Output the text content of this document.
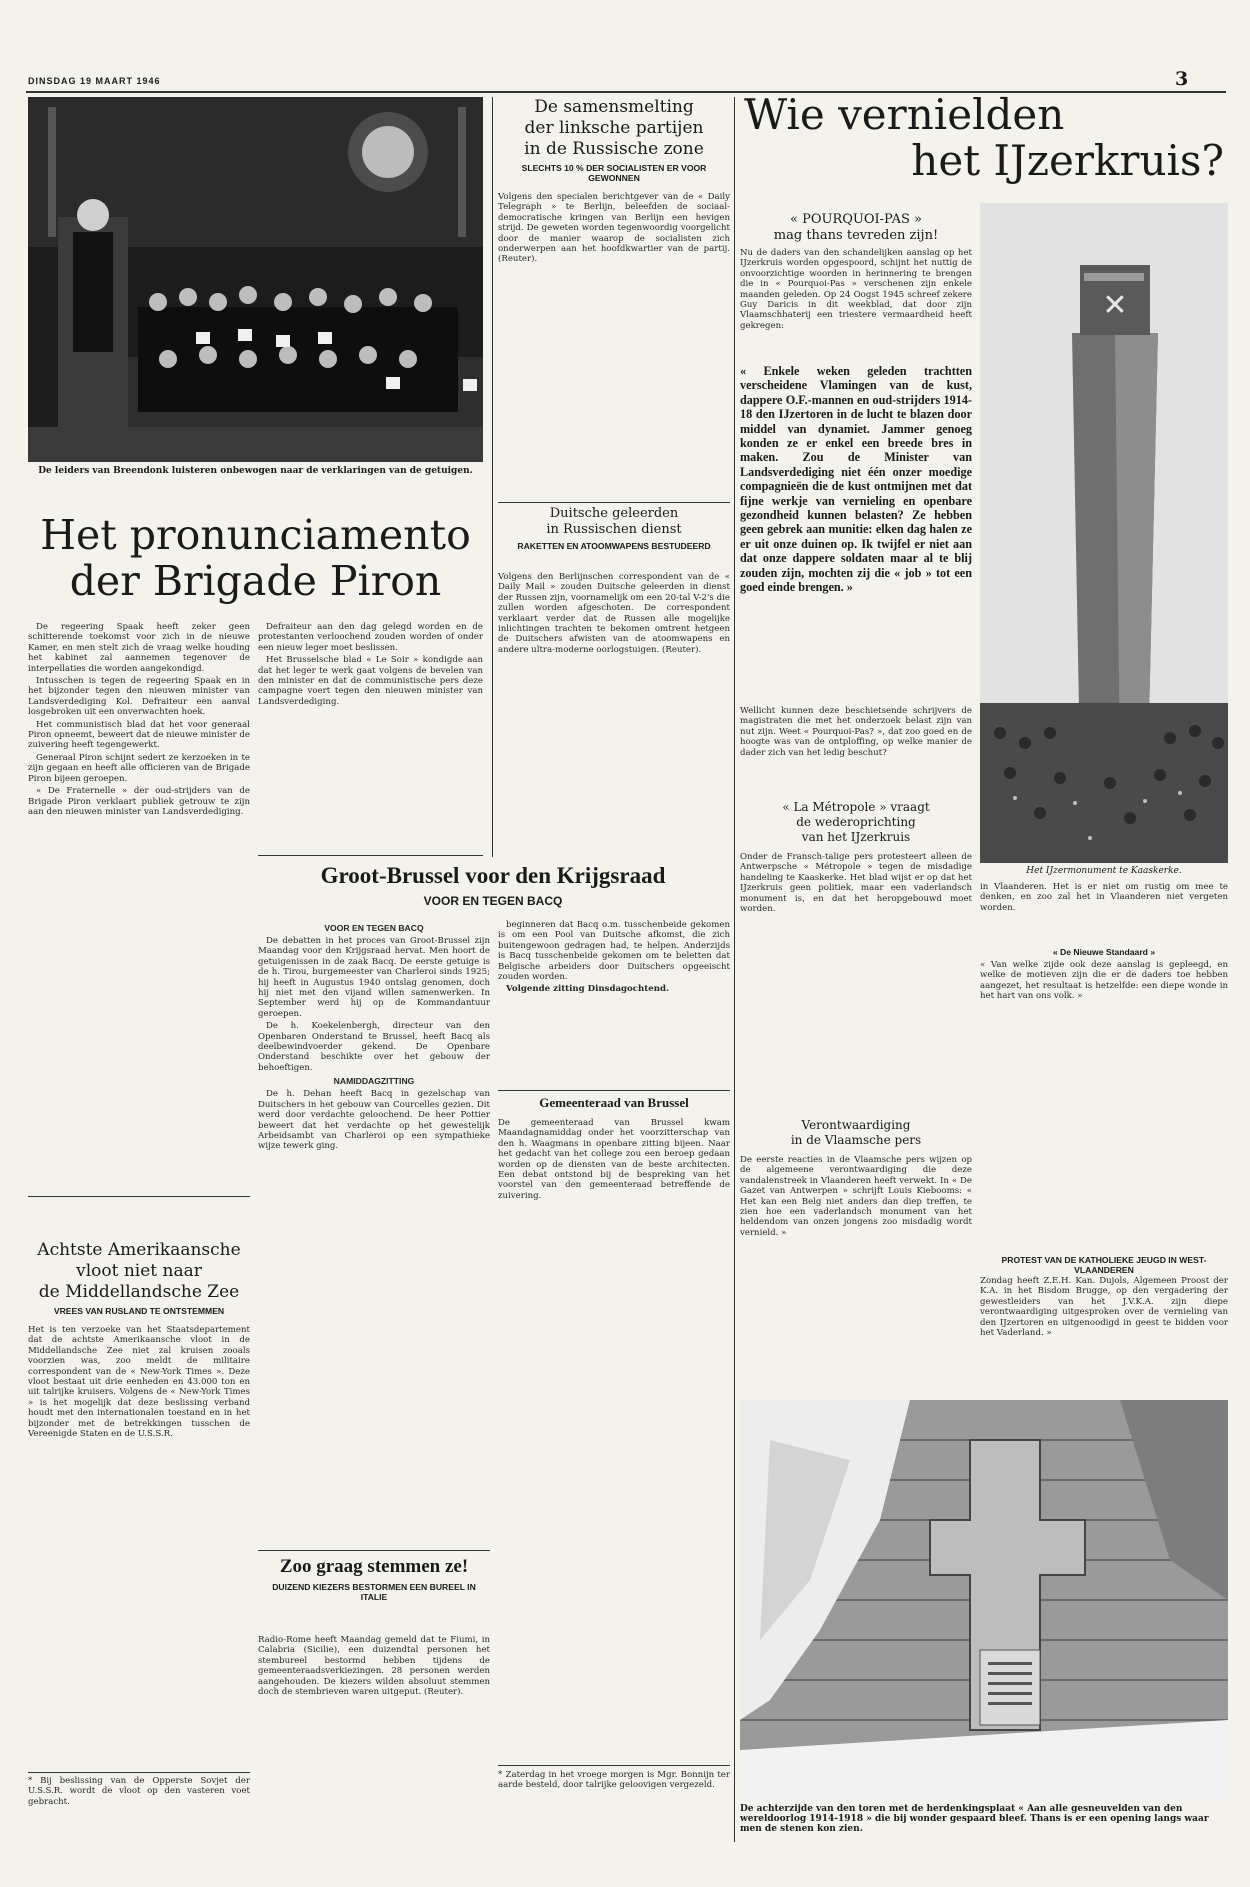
DINSDAG 19 MAART 1946	3
De leiders van Breendonk luisteren onbewogen naar de verklaringen van de getuigen.
Het pronunciamento
der Brigade Piron

De regeering Spaak heeft zeker geen schitterende toekomst voor zich in de nieuwe Kamer, en men stelt zich de vraag welke houding het kabinet zal aannemen tegenover de interpellaties die worden aangekondigd.

Intusschen is tegen de regeering Spaak en in het bijzonder tegen den nieuwen minister van Landsverdediging Kol. Defraiteur een aanval losgebroken uit een onverwachten hoek.

Het communistisch blad dat het voor generaal Piron opneemt, beweert dat de nieuwe minister de zuivering heeft tegengewerkt.

Generaal Piron schijnt sedert ze kerzoeken in te zijn gegaan en heeft alle officieren van de Brigade Piron bijeen geroepen.

« De Fraternelle » der oud-strijders van de Brigade Piron verklaart publiek getrouw te zijn aan den nieuwen minister van Landsverdediging.

Defraiteur aan den dag gelegd worden en de protestanten verloochend zouden worden of onder een nieuw leger moet beslissen.

Het Brusselsche blad « Le Soir » kondigde aan dat het leger te werk gaat volgens de bevelen van den minister en dat de communistische pers deze campagne voert tegen den nieuwen minister van Landsverdediging.

Groot-Brussel voor den Krijgsraad
VOOR EN TEGEN BACQ
VOOR EN TEGEN BACQ

De debatten in het proces van Groot-Brussel zijn Maandag voor den Krijgsraad hervat. Men hoort de getuigenissen in de zaak Bacq. De eerste getuige is de h. Tirou, burgemeester van Charleroi sinds 1925; hij heeft in Augustus 1940 ontslag genomen, doch hij niet met den vijand willen samenwerken. In September werd hij op de Kommandantuur geroepen.

De h. Koekelenbergh, directeur van den Openbaren Onderstand te Brussel, heeft Bacq als deelbewindvoerder gekend. De Openbare Onderstand beschikte over het gebouw der behoeftigen.

NAMIDDAGZITTING

De h. Dehan heeft Bacq in gezelschap van Duitschers in het gebouw van Courcelles gezien. Dit werd door verdachte geloochend. De heer Pottier beweert dat het verdachte op het gewestelijk Arbeidsambt van Charleroi op een sympathieke wijze tewerk ging.

beginneren dat Bacq o.m. tusschenbeide gekomen is om een Pool van Duitsche afkomst, die zich buitengewoon gedragen had, te helpen. Anderzijds is Bacq tusschenbeide gekomen om te beletten dat Belgische arbeiders door Duitschers opgeeischt zouden worden.

Volgende zitting Dinsdagochtend.

Achtste Amerikaansche
vloot niet naar
de Middellandsche Zee
VREES VAN RUSLAND TE ONTSTEMMEN
Het is ten verzoeke van het Staatsdepartement dat de achtste Amerikaansche vloot in de Middellandsche Zee niet zal kruisen zooals voorzien was, zoo meldt de militaire correspondent van de « New-York Times ». Deze vloot bestaat uit drie eenheden en 43.000 ton en uit talrijke kruisers. Volgens de « New-York Times » is het mogelijk dat deze beslissing verband houdt met den internationalen toestand en in het bijzonder met de betrekkingen tusschen de Vereenigde Staten en de U.S.S.R.
* Bij beslissing van de Opperste Sovjet der U.S.S.R. wordt de vloot op den vasteren voet gebracht.
Zoo graag stemmen ze!
DUIZEND KIEZERS BESTORMEN EEN BUREEL IN ITALIE
Radio-Rome heeft Maandag gemeld dat te Fiumi, in Calabria (Sicilie), een duizendtal personen het stembureel bestormd hebben tijdens de gemeenteraadsverkiezingen. 28 personen werden aangehouden. De kiezers wilden absoluut stemmen doch de stembrieven waren uitgeput. (Reuter).
De samensmelting
der linksche partijen
in de Russische zone
SLECHTS 10 % DER SOCIALISTEN ER VOOR GEWONNEN
Volgens den specialen berichtgever van de « Daily Telegraph » te Berlijn, beleefden de sociaal-democratische kringen van Berlijn een hevigen strijd. De geweten worden tegenwoordig voorgelicht door de manier waarop de socialisten zich onderwerpen aan het hoofdkwartier van de partij. (Reuter).
Duitsche geleerden
in Russischen dienst
RAKETTEN EN ATOOMWAPENS BESTUDEERD
Volgens den Berlijnschen correspondent van de « Daily Mail » zouden Duitsche geleerden in dienst der Russen zijn, voornamelijk om een 20-tal V-2's die zullen worden afgeschoten. De correspondent verklaart verder dat de Russen alle mogelijke inlichtingen trachten te bekomen omtrent hetgeen de Duitschers afwisten van de atoomwapens en andere ultra-moderne oorlogstuigen. (Reuter).
Gemeenteraad van Brussel
De gemeenteraad van Brussel kwam Maandagnamiddag onder het voorzitterschap van den h. Waagmans in openbare zitting bijeen. Naar het gedacht van het college zou een beroep gedaan worden op de diensten van de beste architecten. Een debat ontstond bij de bespreking van het voorstel van den gemeenteraad betreffende de zuivering.
* Zaterdag in het vroege morgen is Mgr. Bonnijn ter aarde besteld, door talrijke geloovigen vergezeld.
Wie vernielden
het IJzerkruis?
« POURQUOI-PAS »
mag thans tevreden zijn!
Nu de daders van den schandelijken aanslag op het IJzerkruis worden opgespoord, schijnt het nuttig de onvoorzichtige woorden in herinnering te brengen die in « Pourquoi-Pas » verschenen zijn enkele maanden geleden. Op 24 Oogst 1945 schreef zekere Guy Daricis in dit weekblad, dat door zijn Vlaamschhaterij een triestere vermaardheid heeft gekregen:
« Enkele weken geleden trachtten verscheidene Vlamingen van de kust, dappere O.F.-mannen en oud-strijders 1914-18 den IJzertoren in de lucht te blazen door middel van dynamiet. Jammer genoeg konden ze er enkel een breede bres in maken. Zou de Minister van Landsverdediging niet één onzer moedige compagnieën die de kust ontmijnen met dat fijne werkje van vernieling en openbare gezondheid kunnen belasten? Ze hebben geen gebrek aan munitie: elken dag halen ze er uit onze duinen op. Ik twijfel er niet aan dat onze dappere soldaten maar al te blij zouden zijn, mochten zij die « job » tot een goed einde brengen. »
Wellicht kunnen deze beschietsende schrijvers de magistraten die met het onderzoek belast zijn van nut zijn. Weet « Pourquoi-Pas? », dat zoo goed en de hoogte was van de ontploffing, op welke manier de dader zich van het ledig beschut?
« La Métropole » vraagt
de wederoprichting
van het IJzerkruis
Onder de Fransch-talige pers protesteert alleen de Antwerpsche « Métropole » tegen de misdadige handeling te Kaaskerke. Het blad wijst er op dat het IJzerkruis geen politiek, maar een vaderlandsch monument is, en dat het heropgebouwd moet worden.
Verontwaardiging
in de Vlaamsche pers
De eerste reacties in de Vlaamsche pers wijzen op de algemeene verontwaardiging die deze vandalenstreek in Vlaanderen heeft verwekt. In « De Gazet van Antwerpen » schrijft Louis Kiebooms: « Het kan een Belg niet anders dan diep treffen, te zien hoe een vaderlandsch monument van het heldendom van onzen jongens zoo misdadig wordt vernield. »
✕
Het IJzermonument te Kaaskerke.
in Vlaanderen. Het is er niet om rustig om mee te denken, en zoo zal het in Vlaanderen niet vergeten worden.
« De Nieuwe Standaard »
« Van welke zijde ook deze aanslag is gepleegd, en welke de motieven zijn die er de daders toe hebben aangezet, het resultaat is hetzelfde: een diepe wonde in het hart van ons volk. »
PROTEST VAN DE KATHOLIEKE JEUGD IN WEST-VLAANDEREN
Zondag heeft Z.E.H. Kan. Dujols, Algemeen Proost der K.A. in het Bisdom Brugge, op den vergadering der gewestleiders van het J.V.K.A. zijn diepe verontwaardiging uitgesproken over de vernieling van den IJzertoren en uitgenoodigd in geest te bidden voor het Vaderland. »
De achterzijde van den toren met de herdenkingsplaat « Aan alle gesneuvelden van den wereldoorlog 1914-1918 » die bij wonder gespaard bleef. Thans is er een opening langs waar men de stenen kon zien.
